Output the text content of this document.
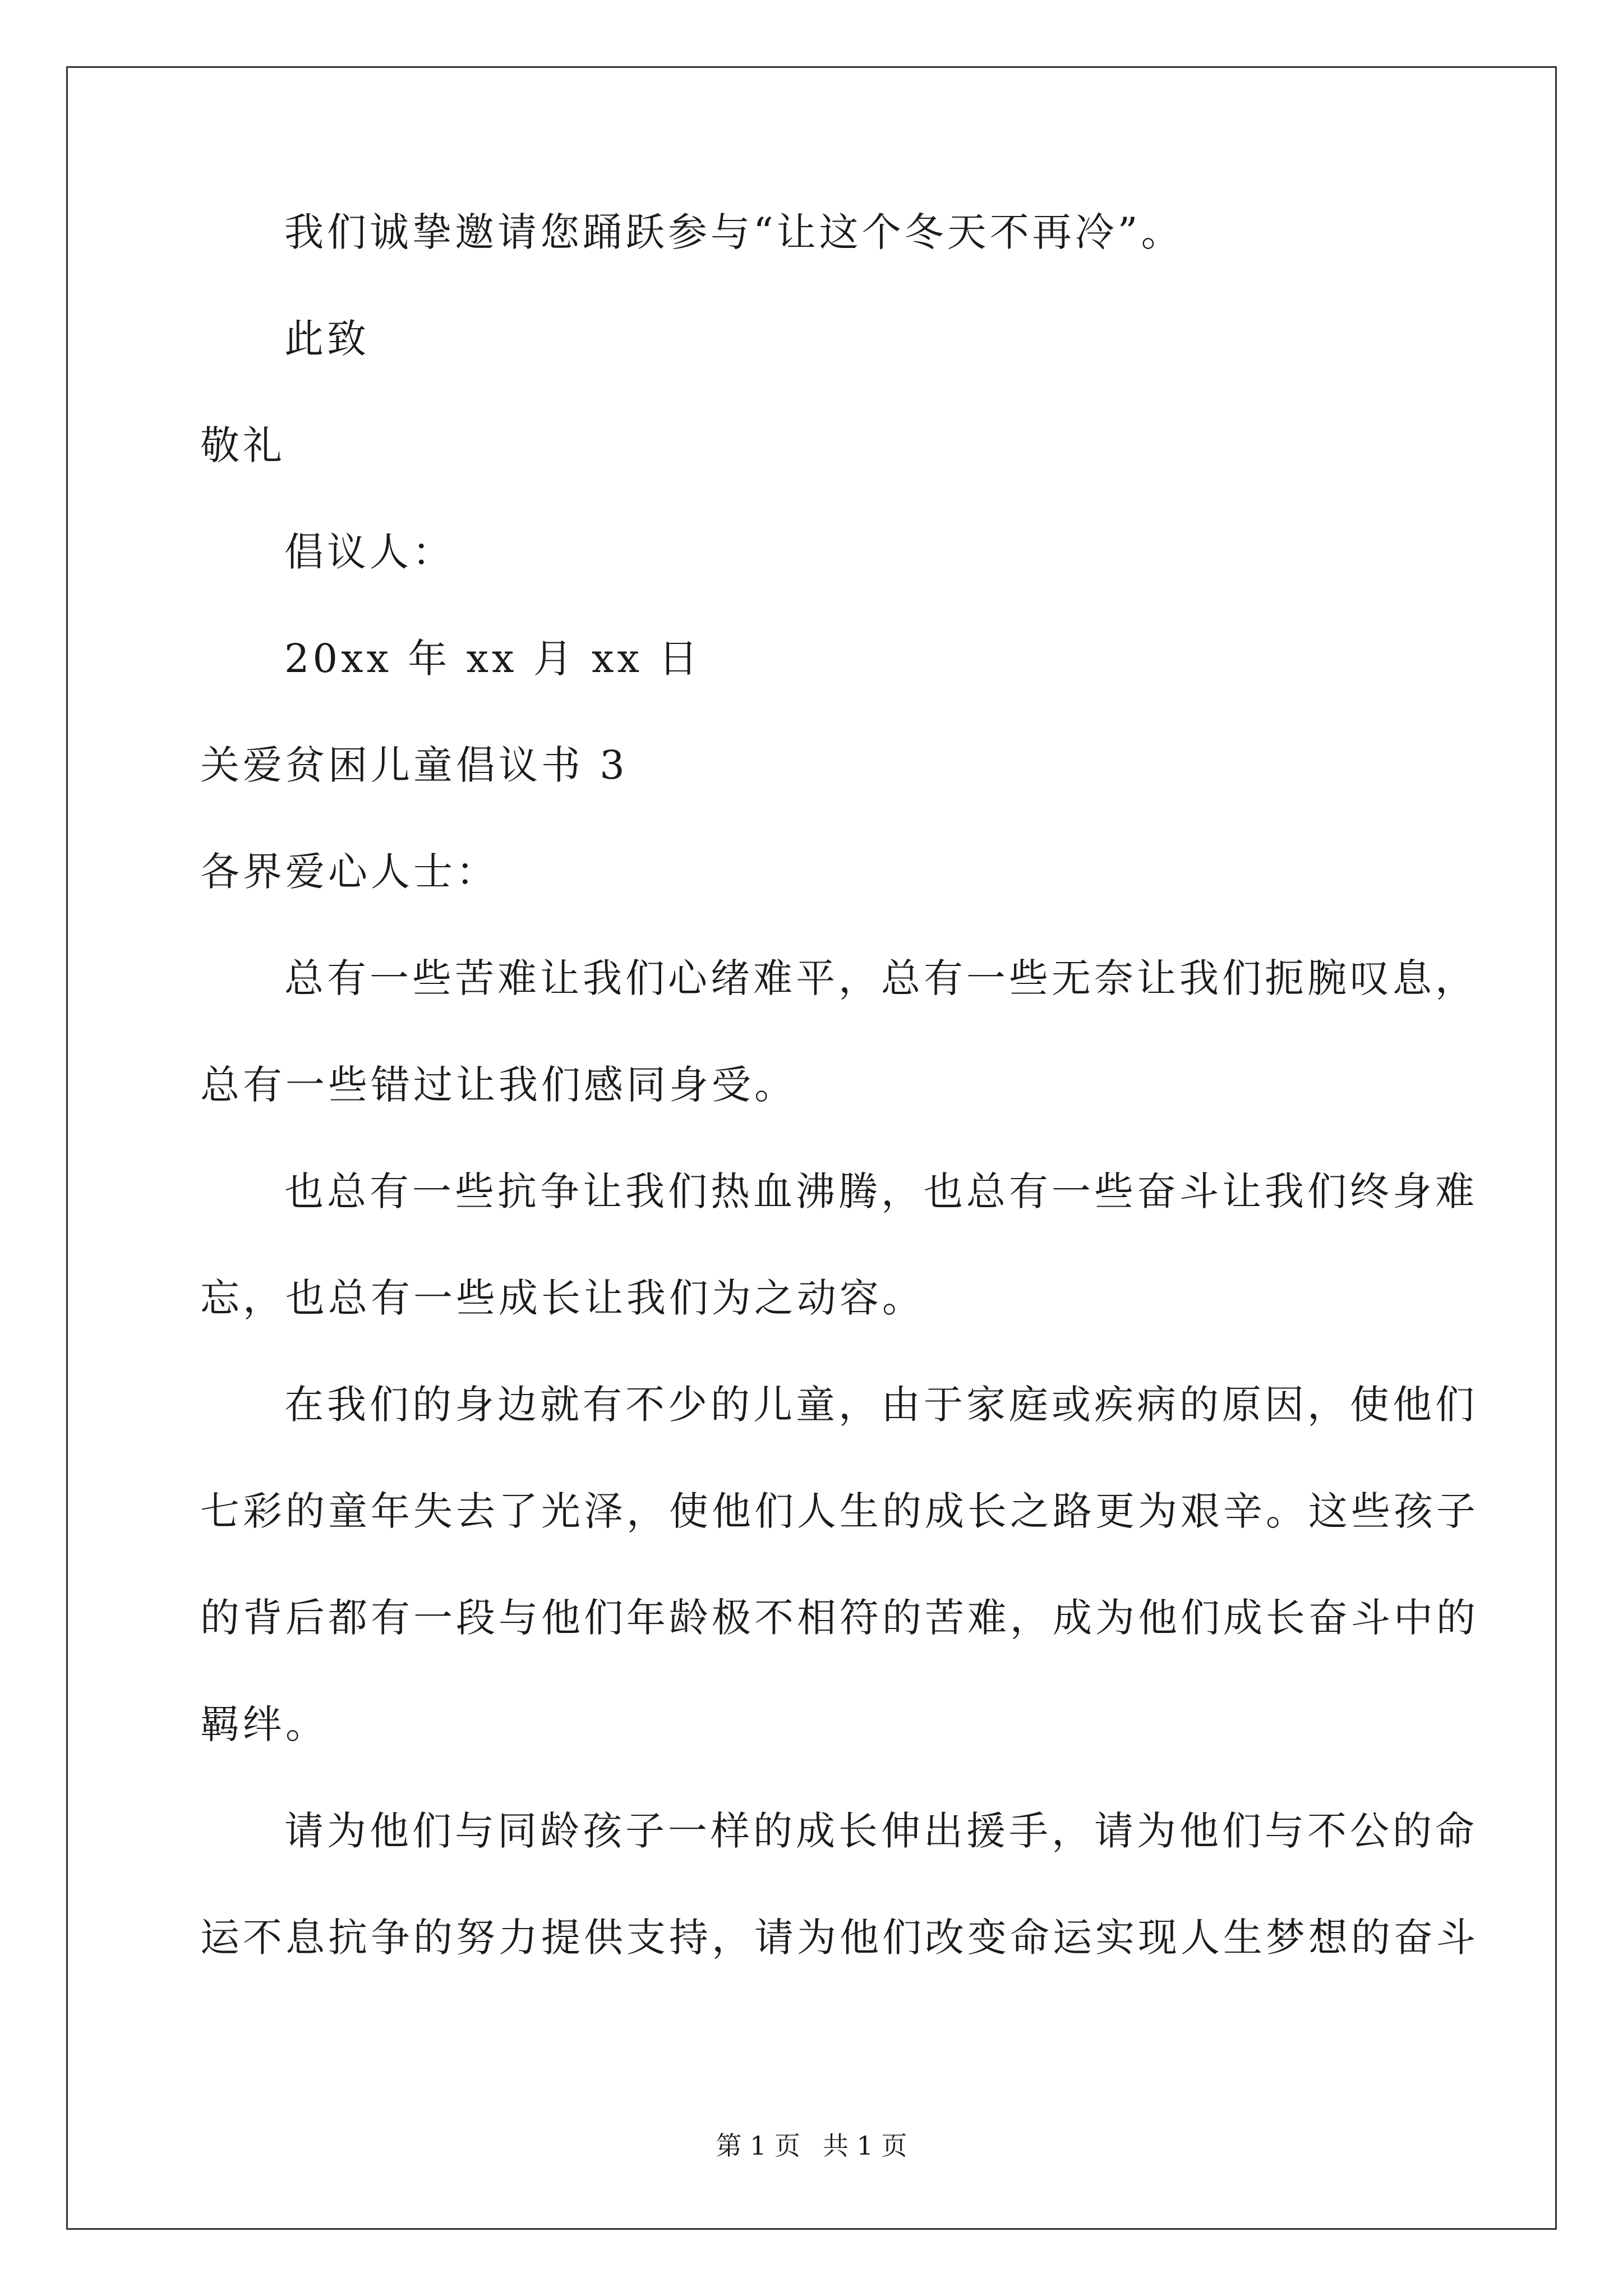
我们诚挚邀请您踊跃参与“让这个冬天不再冷”。

此致

敬礼

倡议人：

20xx 年 xx 月 xx 日

关爱贫困儿童倡议书 3

各界爱心人士：

总有一些苦难让我们心绪难平，总有一些无奈让我们扼腕叹息，

总有一些错过让我们感同身受。

也总有一些抗争让我们热血沸腾，也总有一些奋斗让我们终身难

忘，也总有一些成长让我们为之动容。

在我们的身边就有不少的儿童，由于家庭或疾病的原因，使他们

七彩的童年失去了光泽，使他们人生的成长之路更为艰辛。这些孩子

的背后都有一段与他们年龄极不相符的苦难，成为他们成长奋斗中的

羁绊。

请为他们与同龄孩子一样的成长伸出援手，请为他们与不公的命

运不息抗争的努力提供支持，请为他们改变命运实现人生梦想的奋斗

第 1 页 共 1 页
